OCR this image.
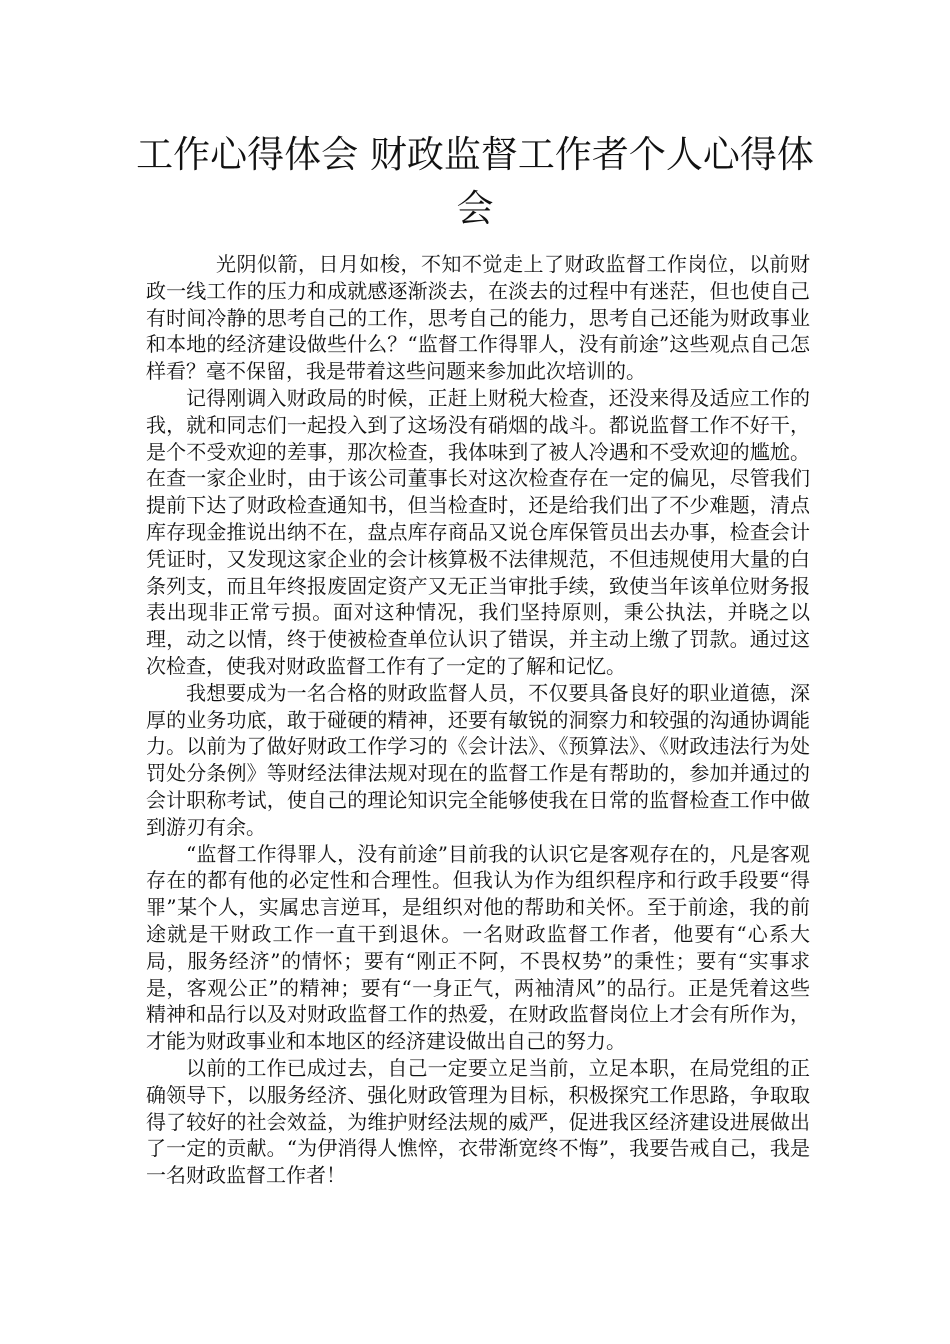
工作心得体会 财政监督工作者个人心得体会

光阴似箭，日月如梭，不知不觉走上了财政监督工作岗位，以前财政一线工作的压力和成就感逐渐淡去，在淡去的过程中有迷茫，但也使自己有时间冷静的思考自己的工作，思考自己的能力，思考自己还能为财政事业和本地的经济建设做些什么？“监督工作得罪人，没有前途”这些观点自己怎样看？毫不保留，我是带着这些问题来参加此次培训的。

记得刚调入财政局的时候，正赶上财税大检查，还没来得及适应工作的我，就和同志们一起投入到了这场没有硝烟的战斗。都说监督工作不好干，是个不受欢迎的差事，那次检查，我体味到了被人冷遇和不受欢迎的尴尬。在查一家企业时，由于该公司董事长对这次检查存在一定的偏见，尽管我们提前下达了财政检查通知书，但当检查时，还是给我们出了不少难题，清点库存现金推说出纳不在，盘点库存商品又说仓库保管员出去办事，检查会计凭证时，又发现这家企业的会计核算极不法律规范，不但违规使用大量的白条列支，而且年终报废固定资产又无正当审批手续，致使当年该单位财务报表出现非正常亏损。面对这种情况，我们坚持原则，秉公执法，并晓之以理，动之以情，终于使被检查单位认识了错误，并主动上缴了罚款。通过这次检查，使我对财政监督工作有了一定的了解和记忆。

我想要成为一名合格的财政监督人员，不仅要具备良好的职业道德，深厚的业务功底，敢于碰硬的精神，还要有敏锐的洞察力和较强的沟通协调能力。以前为了做好财政工作学习的《会计法》、《预算法》、《财政违法行为处罚处分条例》等财经法律法规对现在的监督工作是有帮助的，参加并通过的会计职称考试，使自己的理论知识完全能够使我在日常的监督检查工作中做到游刃有余。

“监督工作得罪人，没有前途”目前我的认识它是客观存在的，凡是客观存在的都有他的必定性和合理性。但我认为作为组织程序和行政手段要“得罪”某个人，实属忠言逆耳，是组织对他的帮助和关怀。至于前途，我的前途就是干财政工作一直干到退休。一名财政监督工作者，他要有“心系大局，服务经济”的情怀；要有“刚正不阿，不畏权势”的秉性；要有“实事求是，客观公正”的精神；要有“一身正气，两袖清风”的品行。正是凭着这些精神和品行以及对财政监督工作的热爱，在财政监督岗位上才会有所作为，才能为财政事业和本地区的经济建设做出自己的努力。

以前的工作已成过去，自己一定要立足当前，立足本职，在局党组的正确领导下，以服务经济、强化财政管理为目标，积极探究工作思路，争取取得了较好的社会效益，为维护财经法规的威严，促进我区经济建设进展做出了一定的贡献。“为伊消得人憔悴，衣带渐宽终不悔”，我要告戒自己，我是一名财政监督工作者！
